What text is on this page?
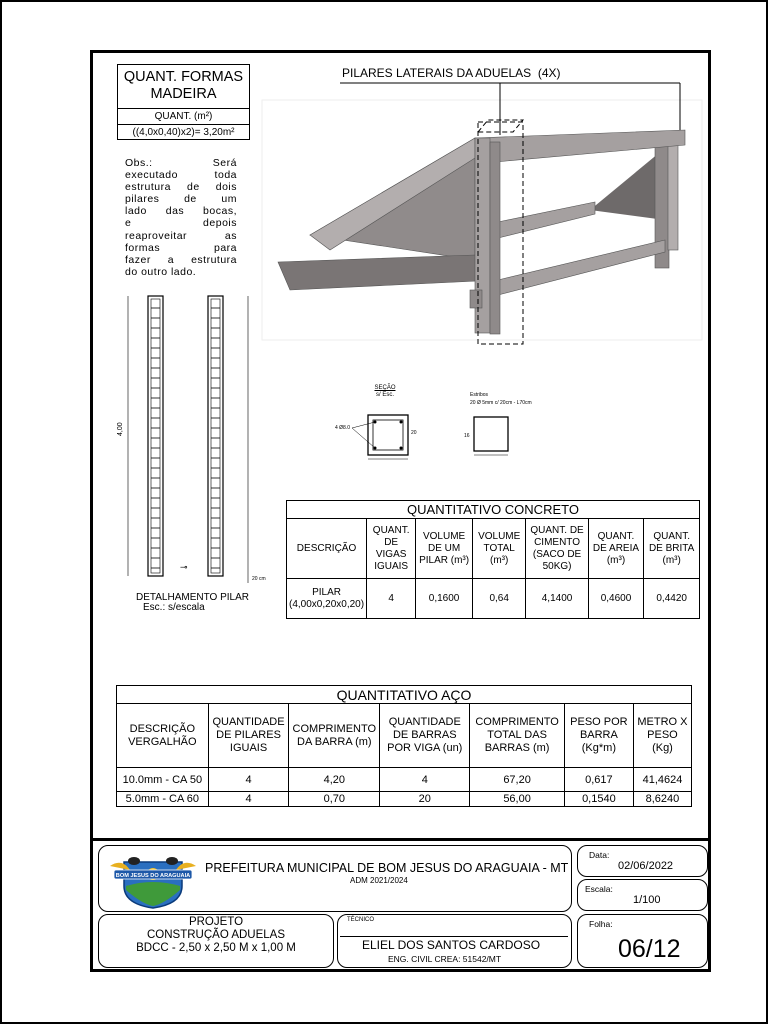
QUANT. FORMAS
MADEIRA
QUANT. (m²)
((4,0x0,40)x2)= 3,20m²
Obs.: Será
executado toda
estrutura de dois
pilares de um
lado das bocas,
e depois
reaproveitar as
formas para
fazer a estrutura
do outro lado.
PILARES LATERAIS DA ADUELAS  (4X)
4,00
20 cm
⊸
DETALHAMENTO PILAR
Esc.: s/escala
SEÇÃO
s/ Esc.
4 Ø8.0
20
Estribos
20 Ø 5mm c/ 20cm - L70cm
16
QUANTITATIVO CONCRETO						
DESCRIÇÃO	QUANT. DE VIGAS IGUAIS	VOLUME DE UM PILAR (m³)	VOLUME TOTAL (m³)	QUANT. DE CIMENTO (SACO DE 50KG)	QUANT. DE AREIA (m³)	QUANT. DE BRITA (m³)
PILAR (4,00x0,20x0,20)	4	0,1600	0,64	4,1400	0,4600	0,4420
QUANTITATIVO AÇO						
DESCRIÇÃO VERGALHÃO	QUANTIDADE DE PILARES IGUAIS	COMPRIMENTO DA BARRA (m)	QUANTIDADE DE BARRAS POR VIGA (un)	COMPRIMENTO TOTAL DAS BARRAS (m)	PESO POR BARRA (Kg*m)	METRO X PESO (Kg)
10.0mm - CA 50	4	4,20	4	67,20	0,617	41,4624
5.0mm - CA 60	4	0,70	20	56,00	0,1540	8,6240
BOM JESUS DO ARAGUAIA
PREFEITURA MUNICIPAL DE BOM JESUS DO ARAGUAIA - MT
ADM 2021/2024
Data:
02/06/2022
Escala:
1/100
PROJETO
CONSTRUÇÃO ADUELAS
BDCC - 2,50 x 2,50 M x 1,00 M
TÉCNICO
ELIEL DOS SANTOS CARDOSO
ENG. CIVIL CREA: 51542/MT
Folha:
06/12
